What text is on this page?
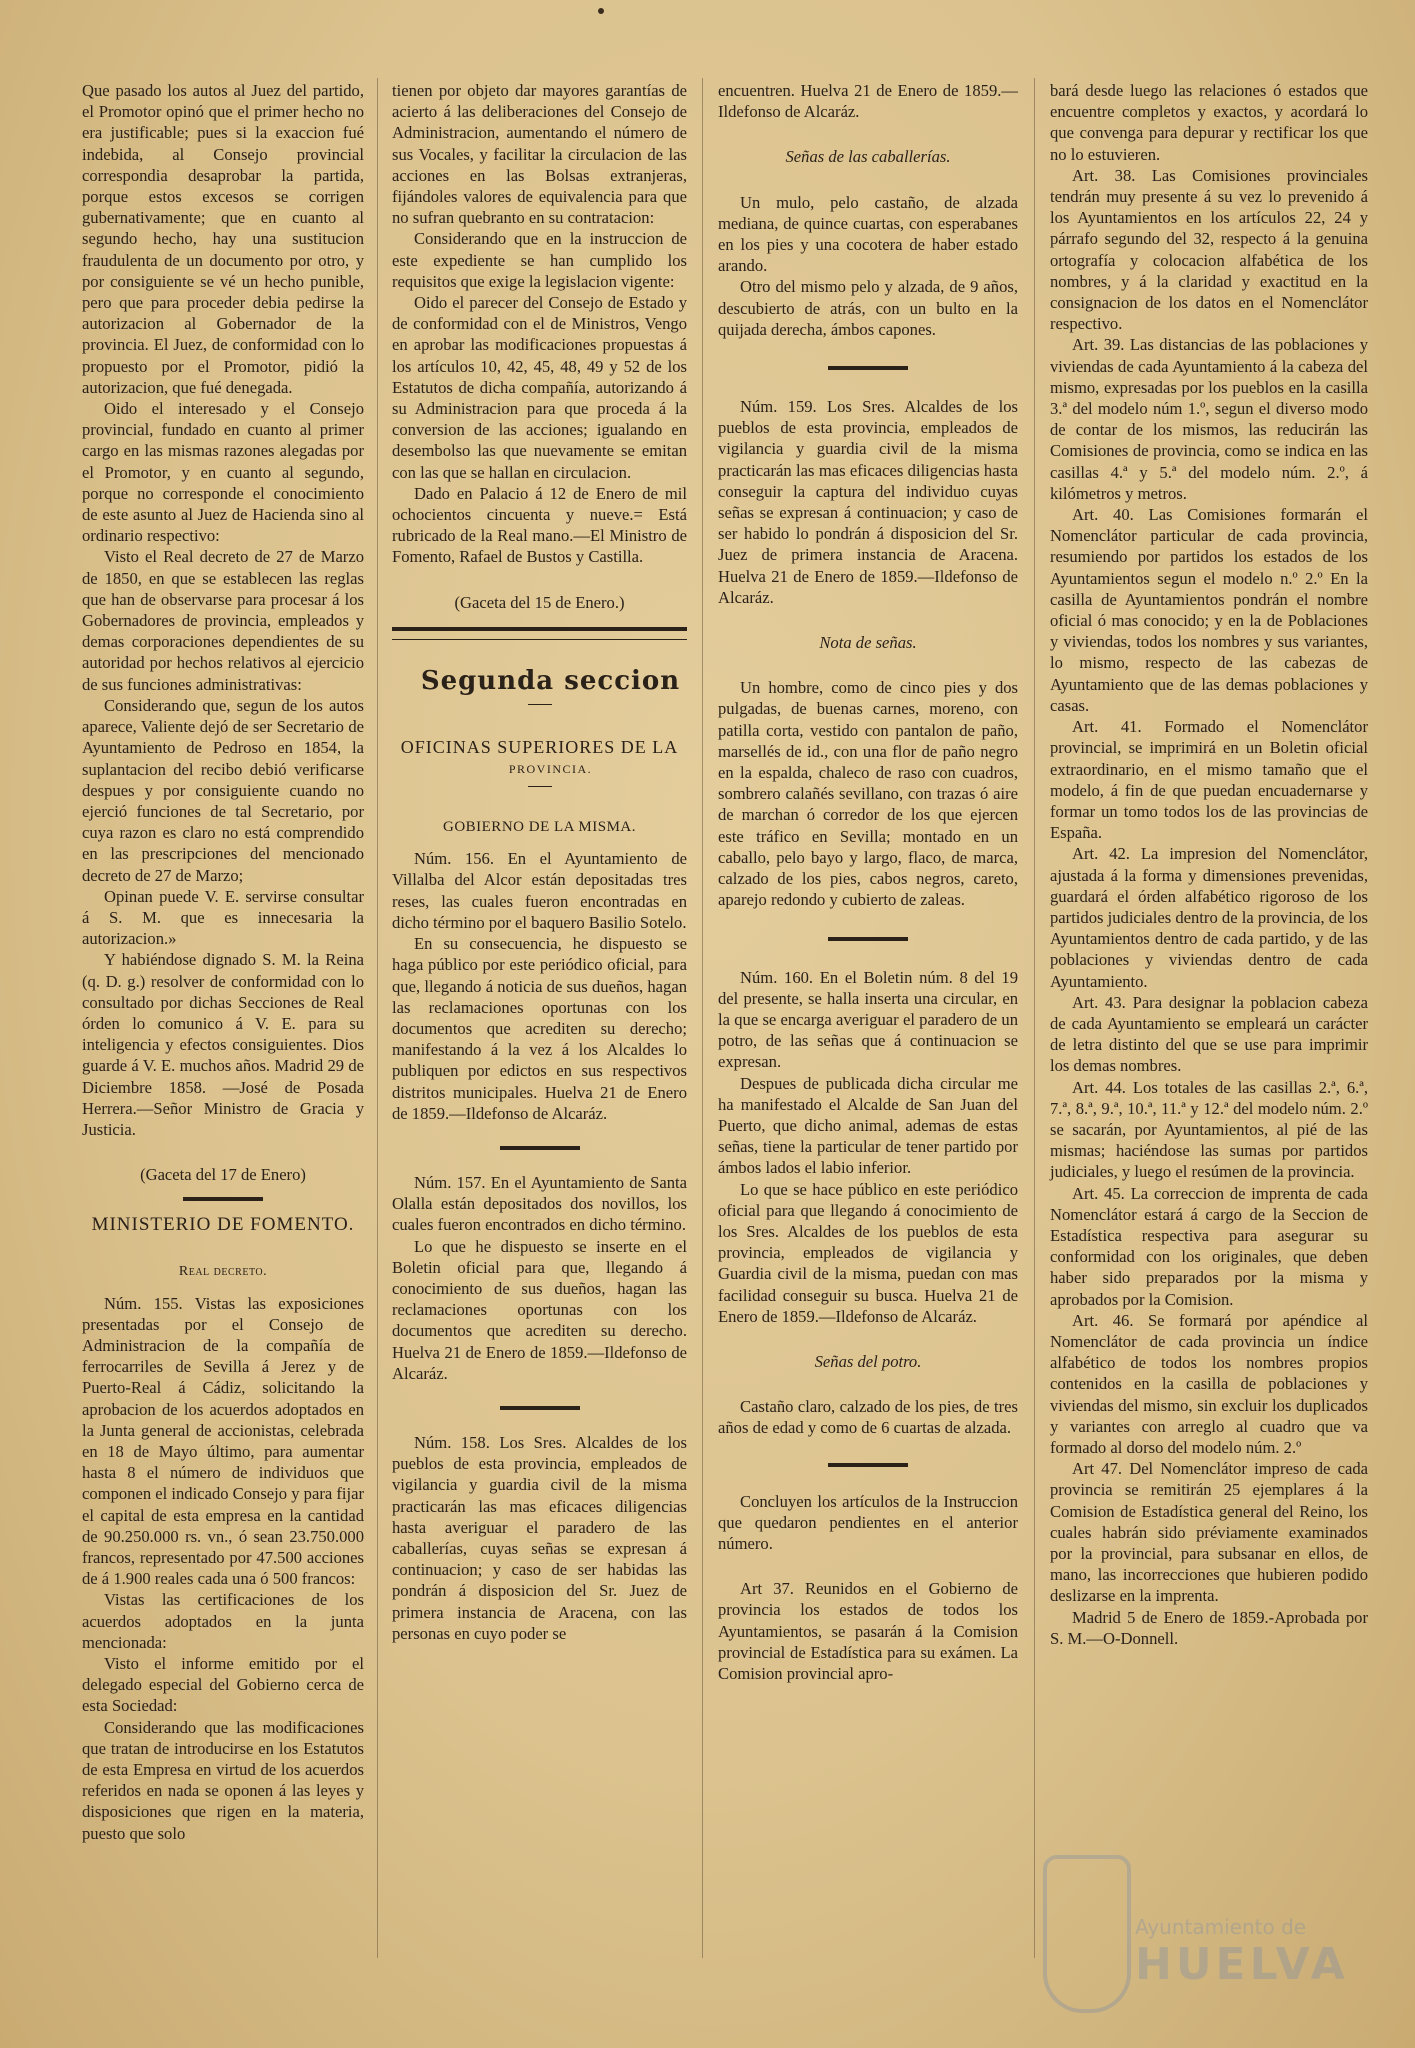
Que pasado los autos al Juez del partido, el Promotor opinó que el primer hecho no era justificable; pues si la exaccion fué indebida, al Consejo provincial correspondia desaprobar la partida, porque estos excesos se corrigen gubernativamente; que en cuanto al segundo hecho, hay una sustitucion fraudulenta de un documento por otro, y por consiguiente se vé un hecho punible, pero que para proceder debia pedirse la autorizacion al Gobernador de la provincia. El Juez, de conformidad con lo propuesto por el Promotor, pidió la autorizacion, que fué denegada.

Oido el interesado y el Consejo provincial, fundado en cuanto al primer cargo en las mismas razones alegadas por el Promotor, y en cuanto al segundo, porque no corresponde el conocimiento de este asunto al Juez de Hacienda sino al ordinario respectivo:

Visto el Real decreto de 27 de Marzo de 1850, en que se establecen las reglas que han de observarse para procesar á los Gobernadores de provincia, empleados y demas corporaciones dependientes de su autoridad por hechos relativos al ejercicio de sus funciones administrativas:

Considerando que, segun de los autos aparece, Valiente dejó de ser Secretario de Ayuntamiento de Pedroso en 1854, la suplantacion del recibo debió verificarse despues y por consiguiente cuando no ejerció funciones de tal Secretario, por cuya razon es claro no está comprendido en las prescripciones del mencionado decreto de 27 de Marzo;

Opinan puede V. E. servirse consultar á S. M. que es innecesaria la autorizacion.»

Y habiéndose dignado S. M. la Reina (q. D. g.) resolver de conformidad con lo consultado por dichas Secciones de Real órden lo comunico á V. E. para su inteligencia y efectos consiguientes. Dios guarde á V. E. muchos años. Madrid 29 de Diciembre 1858. —José de Posada Herrera.—Señor Ministro de Gracia y Justicia.

(Gaceta del 17 de Enero)

MINISTERIO DE FOMENTO.

Real decreto.

Núm. 155. Vistas las exposiciones presentadas por el Consejo de Administracion de la compañía de ferrocarriles de Sevilla á Jerez y de Puerto-Real á Cádiz, solicitando la aprobacion de los acuerdos adoptados en la Junta general de accionistas, celebrada en 18 de Mayo último, para aumentar hasta 8 el número de individuos que componen el indicado Consejo y para fijar el capital de esta empresa en la cantidad de 90.250.000 rs. vn., ó sean 23.750.000 francos, representado por 47.500 acciones de á 1.900 reales cada una ó 500 francos:

Vistas las certificaciones de los acuerdos adoptados en la junta mencionada:

Visto el informe emitido por el delegado especial del Gobierno cerca de esta Sociedad:

Considerando que las modificaciones que tratan de introducirse en los Estatutos de esta Empresa en virtud de los acuerdos referidos en nada se oponen á las leyes y disposiciones que rigen en la materia, puesto que solo

tienen por objeto dar mayores garantías de acierto á las deliberaciones del Consejo de Administracion, aumentando el número de sus Vocales, y facilitar la circulacion de las acciones en las Bolsas extranjeras, fijándoles valores de equivalencia para que no sufran quebranto en su contratacion:

Considerando que en la instruccion de este expediente se han cumplido los requisitos que exige la legislacion vigente:

Oido el parecer del Consejo de Estado y de conformidad con el de Ministros, Vengo en aprobar las modificaciones propuestas á los artículos 10, 42, 45, 48, 49 y 52 de los Estatutos de dicha compañía, autorizando á su Administracion para que proceda á la conversion de las acciones; igualando en desembolso las que nuevamente se emitan con las que se hallan en circulacion.

Dado en Palacio á 12 de Enero de mil ochocientos cincuenta y nueve.= Está rubricado de la Real mano.—El Ministro de Fomento, Rafael de Bustos y Castilla.

(Gaceta del 15 de Enero.)

Segunda seccion

OFICINAS SUPERIORES DE LA

PROVINCIA.

GOBIERNO DE LA MISMA.

Núm. 156. En el Ayuntamiento de Villalba del Alcor están depositadas tres reses, las cuales fueron encontradas en dicho término por el baquero Basilio Sotelo.

En su consecuencia, he dispuesto se haga público por este periódico oficial, para que, llegando á noticia de sus dueños, hagan las reclamaciones oportunas con los documentos que acrediten su derecho; manifestando á la vez á los Alcaldes lo publiquen por edictos en sus respectivos distritos municipales. Huelva 21 de Enero de 1859.—Ildefonso de Alcaráz.

Núm. 157. En el Ayuntamiento de Santa Olalla están depositados dos novillos, los cuales fueron encontrados en dicho término.

Lo que he dispuesto se inserte en el Boletin oficial para que, llegando á conocimiento de sus dueños, hagan las reclamaciones oportunas con los documentos que acrediten su derecho. Huelva 21 de Enero de 1859.—Ildefonso de Alcaráz.

Núm. 158. Los Sres. Alcaldes de los pueblos de esta provincia, empleados de vigilancia y guardia civil de la misma practicarán las mas eficaces diligencias hasta averiguar el paradero de las caballerías, cuyas señas se expresan á continuacion; y caso de ser habidas las pondrán á disposicion del Sr. Juez de primera instancia de Aracena, con las personas en cuyo poder se

encuentren. Huelva 21 de Enero de 1859.—Ildefonso de Alcaráz.

Señas de las caballerías.

Un mulo, pelo castaño, de alzada mediana, de quince cuartas, con esperabanes en los pies y una cocotera de haber estado arando.

Otro del mismo pelo y alzada, de 9 años, descubierto de atrás, con un bulto en la quijada derecha, ámbos capones.

Núm. 159. Los Sres. Alcaldes de los pueblos de esta provincia, empleados de vigilancia y guardia civil de la misma practicarán las mas eficaces diligencias hasta conseguir la captura del individuo cuyas señas se expresan á continuacion; y caso de ser habido lo pondrán á disposicion del Sr. Juez de primera instancia de Aracena. Huelva 21 de Enero de 1859.—Ildefonso de Alcaráz.

Nota de señas.

Un hombre, como de cinco pies y dos pulgadas, de buenas carnes, moreno, con patilla corta, vestido con pantalon de paño, marsellés de id., con una flor de paño negro en la espalda, chaleco de raso con cuadros, sombrero calañés sevillano, con trazas ó aire de marchan ó corredor de los que ejercen este tráfico en Sevilla; montado en un caballo, pelo bayo y largo, flaco, de marca, calzado de los pies, cabos negros, careto, aparejo redondo y cubierto de zaleas.

Núm. 160. En el Boletin núm. 8 del 19 del presente, se halla inserta una circular, en la que se encarga averiguar el paradero de un potro, de las señas que á continuacion se expresan.

Despues de publicada dicha circular me ha manifestado el Alcalde de San Juan del Puerto, que dicho animal, ademas de estas señas, tiene la particular de tener partido por ámbos lados el labio inferior.

Lo que se hace público en este periódico oficial para que llegando á conocimiento de los Sres. Alcaldes de los pueblos de esta provincia, empleados de vigilancia y Guardia civil de la misma, puedan con mas facilidad conseguir su busca. Huelva 21 de Enero de 1859.—Ildefonso de Alcaráz.

Señas del potro.

Castaño claro, calzado de los pies, de tres años de edad y como de 6 cuartas de alzada.

Concluyen los artículos de la Instruccion que quedaron pendientes en el anterior número.

Art 37. Reunidos en el Gobierno de provincia los estados de todos los Ayuntamientos, se pasarán á la Comision provincial de Estadística para su exámen. La Comision provincial apro-

bará desde luego las relaciones ó estados que encuentre completos y exactos, y acordará lo que convenga para depurar y rectificar los que no lo estuvieren.

Art. 38. Las Comisiones provinciales tendrán muy presente á su vez lo prevenido á los Ayuntamientos en los artículos 22, 24 y párrafo segundo del 32, respecto á la genuina ortografía y colocacion alfabética de los nombres, y á la claridad y exactitud en la consignacion de los datos en el Nomenclátor respectivo.

Art. 39. Las distancias de las poblaciones y viviendas de cada Ayuntamiento á la cabeza del mismo, expresadas por los pueblos en la casilla 3.ª del modelo núm 1.º, segun el diverso modo de contar de los mismos, las reducirán las Comisiones de provincia, como se indica en las casillas 4.ª y 5.ª del modelo núm. 2.º, á kilómetros y metros.

Art. 40. Las Comisiones formarán el Nomenclátor particular de cada provincia, resumiendo por partidos los estados de los Ayuntamientos segun el modelo n.º 2.º En la casilla de Ayuntamientos pondrán el nombre oficial ó mas conocido; y en la de Poblaciones y viviendas, todos los nombres y sus variantes, lo mismo, respecto de las cabezas de Ayuntamiento que de las demas poblaciones y casas.

Art. 41. Formado el Nomenclátor provincial, se imprimirá en un Boletin oficial extraordinario, en el mismo tamaño que el modelo, á fin de que puedan encuadernarse y formar un tomo todos los de las provincias de España.

Art. 42. La impresion del Nomenclátor, ajustada á la forma y dimensiones prevenidas, guardará el órden alfabético rigoroso de los partidos judiciales dentro de la provincia, de los Ayuntamientos dentro de cada partido, y de las poblaciones y viviendas dentro de cada Ayuntamiento.

Art. 43. Para designar la poblacion cabeza de cada Ayuntamiento se empleará un carácter de letra distinto del que se use para imprimir los demas nombres.

Art. 44. Los totales de las casillas 2.ª, 6.ª, 7.ª, 8.ª, 9.ª, 10.ª, 11.ª y 12.ª del modelo núm. 2.º se sacarán, por Ayuntamientos, al pié de las mismas; haciéndose las sumas por partidos judiciales, y luego el resúmen de la provincia.

Art. 45. La correccion de imprenta de cada Nomenclátor estará á cargo de la Seccion de Estadística respectiva para asegurar su conformidad con los originales, que deben haber sido preparados por la misma y aprobados por la Comision.

Art. 46. Se formará por apéndice al Nomenclátor de cada provincia un índice alfabético de todos los nombres propios contenidos en la casilla de poblaciones y viviendas del mismo, sin excluir los duplicados y variantes con arreglo al cuadro que va formado al dorso del modelo núm. 2.º

Art 47. Del Nomenclátor impreso de cada provincia se remitirán 25 ejemplares á la Comision de Estadística general del Reino, los cuales habrán sido préviamente examinados por la provincial, para subsanar en ellos, de mano, las incorrecciones que hubieren podido deslizarse en la imprenta.

Madrid 5 de Enero de 1859.-Aprobada por S. M.—O-Donnell.

Ayuntamiento de
HUELVA
